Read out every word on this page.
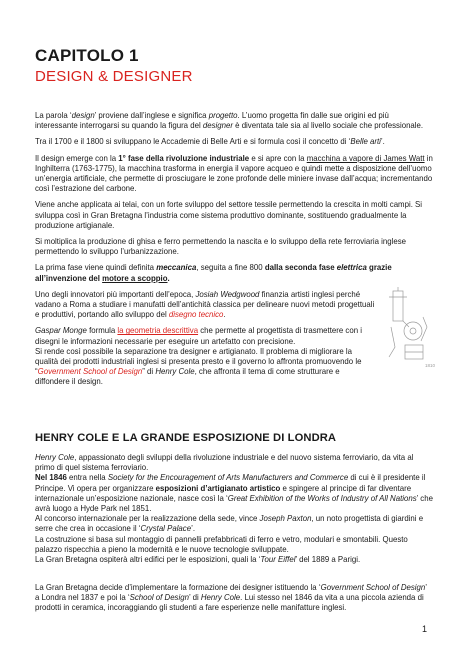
CAPITOLO 1
DESIGN & DESIGNER

La parola ‘design’ proviene dall’inglese e significa progetto. L’uomo progetta fin dalle sue origini ed più interessante interrogarsi su quando la figura del designer è diventata tale sia al livello sociale che professionale.

Tra il 1700 e il 1800 si sviluppano le Accademie di Belle Arti e si formula così il concetto di ‘Belle arti’.

Il design emerge con la 1° fase della rivoluzione industriale e si apre con la macchina a vapore di James Watt in Inghilterra (1763-1775), la macchina trasforma in energia il vapore acqueo e quindi mette a disposizione dell’uomo un’energia artificiale, che permette di prosciugare le zone profonde delle miniere invase dall’acqua; incrementando così l’estrazione del carbone.

Viene anche applicata ai telai, con un forte sviluppo del settore tessile permettendo la crescita in molti campi. Si sviluppa così in Gran Bretagna l’industria come sistema produttivo dominante, sostituendo gradualmente la produzione artigianale.

Si moltiplica la produzione di ghisa e ferro permettendo la nascita e lo sviluppo della rete ferroviaria inglese permettendo lo sviluppo l’urbanizzazione.

La prima fase viene quindi definita meccanica, seguita a fine 800 dalla seconda fase elettrica grazie all’invenzione del motore a scoppio.

Uno degli innovatori più importanti dell’epoca, Josiah Wedgwood finanzia artisti inglesi perché vadano a Roma a studiare i manufatti dell’antichità classica per delineare nuovi metodi progettuali e produttivi, portando allo sviluppo del disegno tecnico.

Gaspar Monge formula la geometria descrittiva che permette al progettista di trasmettere con i disegni le informazioni necessarie per eseguire un artefatto con precisione.
Si rende così possibile la separazione tra designer e artigianato. Il problema di migliorare la qualità dei prodotti industriali inglesi si presenta presto e il governo lo affronta promuovendo le “Government School of Design” di Henry Cole, che affronta il tema di come strutturare e diffondere il design.

1810
HENRY COLE E LA GRANDE ESPOSIZIONE DI LONDRA

Henry Cole, appassionato degli sviluppi della rivoluzione industriale e del nuovo sistema ferroviario, da vita al primo di quel sistema ferroviario.
Nel 1846 entra nella Society for the Encouragement of Arts Manufacturers and Commerce di cui è il presidente il Principe. Vi opera per organizzare esposizioni d’artigianato artistico e spingere al principe di far diventare internazionale un’esposizione nazionale, nasce così la ‘Great Exhibition of the Works of Industry of All Nations’ che avrà luogo a Hyde Park nel 1851.
Al concorso internazionale per la realizzazione della sede, vince Joseph Paxton, un noto progettista di giardini e serre che crea in occasione il ‘Crystal Palace’.
La costruzione si basa sul montaggio di pannelli prefabbricati di ferro e vetro, modulari e smontabili. Questo palazzo rispecchia a pieno la modernità e le nuove tecnologie sviluppate.
La Gran Bretagna ospiterà altri edifici per le esposizioni, quali la ‘Tour Eiffel’ del 1889 a Parigi.

La Gran Bretagna decide d’implementare la formazione dei designer istituendo la ‘Government School of Design’ a Londra nel 1837 e poi la ‘School of Design’ di Henry Cole. Lui stesso nel 1846 da vita a una piccola azienda di prodotti in ceramica, incoraggiando gli studenti a fare esperienze nelle manifatture inglesi.

1
